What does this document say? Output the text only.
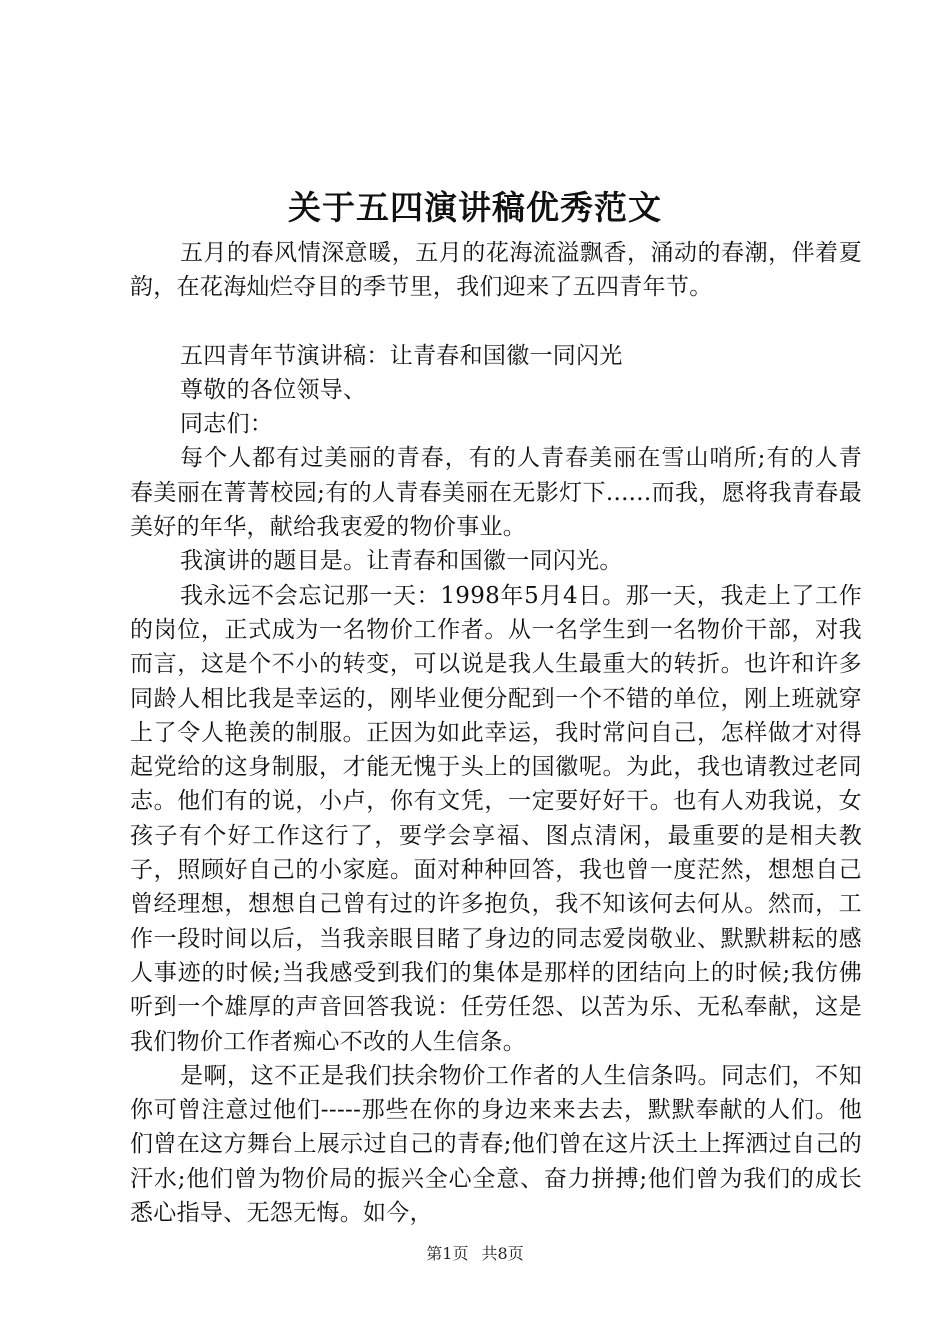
关于五四演讲稿优秀范文

五月的春风情深意暖，五月的花海流溢飘香，涌动的春潮，伴着夏韵，在花海灿烂夺目的季节里，我们迎来了五四青年节。

五四青年节演讲稿：让青春和国徽一同闪光

尊敬的各位领导、

同志们：

每个人都有过美丽的青春，有的人青春美丽在雪山哨所;有的人青春美丽在菁菁校园;有的人青春美丽在无影灯下......而我，愿将我青春最美好的年华，献给我衷爱的物价事业。

我演讲的题目是。让青春和国徽一同闪光。

我永远不会忘记那一天：1998年5月4日。那一天，我走上了工作的岗位，正式成为一名物价工作者。从一名学生到一名物价干部，对我而言，这是个不小的转变，可以说是我人生最重大的转折。也许和许多同龄人相比我是幸运的，刚毕业便分配到一个不错的单位，刚上班就穿上了令人艳羡的制服。正因为如此幸运，我时常问自己，怎样做才对得起党给的这身制服，才能无愧于头上的国徽呢。为此，我也请教过老同志。他们有的说，小卢，你有文凭，一定要好好干。也有人劝我说，女孩子有个好工作这行了，要学会享福、图点清闲，最重要的是相夫教子，照顾好自己的小家庭。面对种种回答，我也曾一度茫然，想想自己曾经理想，想想自己曾有过的许多抱负，我不知该何去何从。然而，工作一段时间以后，当我亲眼目睹了身边的同志爱岗敬业、默默耕耘的感人事迹的时候;当我感受到我们的集体是那样的团结向上的时候;我仿佛听到一个雄厚的声音回答我说：任劳任怨、以苦为乐、无私奉献，这是我们物价工作者痴心不改的人生信条。

是啊，这不正是我们扶余物价工作者的人生信条吗。同志们，不知你可曾注意过他们-----那些在你的身边来来去去，默默奉献的人们。他们曾在这方舞台上展示过自己的青春;他们曾在这片沃土上挥洒过自己的汗水;他们曾为物价局的振兴全心全意、奋力拼搏;他们曾为我们的成长悉心指导、无怨无悔。如今，

第1页 共8页
